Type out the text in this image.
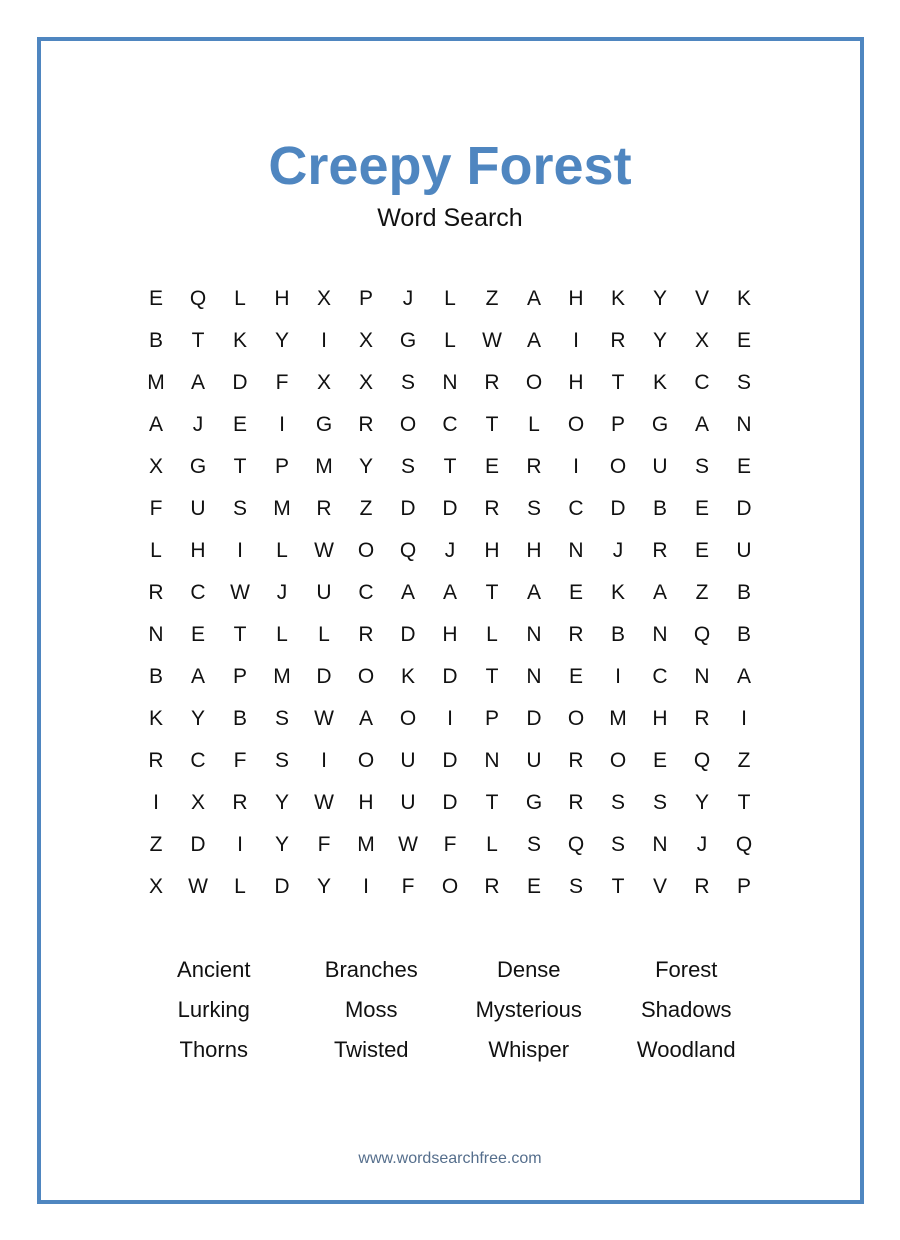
Creepy Forest
Word Search
E	Q	L	H	X	P	J	L	Z	A	H	K	Y	V	K
B	T	K	Y	I	X	G	L	W	A	I	R	Y	X	E
M	A	D	F	X	X	S	N	R	O	H	T	K	C	S
A	J	E	I	G	R	O	C	T	L	O	P	G	A	N
X	G	T	P	M	Y	S	T	E	R	I	O	U	S	E
F	U	S	M	R	Z	D	D	R	S	C	D	B	E	D
L	H	I	L	W	O	Q	J	H	H	N	J	R	E	U
R	C	W	J	U	C	A	A	T	A	E	K	A	Z	B
N	E	T	L	L	R	D	H	L	N	R	B	N	Q	B
B	A	P	M	D	O	K	D	T	N	E	I	C	N	A
K	Y	B	S	W	A	O	I	P	D	O	M	H	R	I
R	C	F	S	I	O	U	D	N	U	R	O	E	Q	Z
I	X	R	Y	W	H	U	D	T	G	R	S	S	Y	T
Z	D	I	Y	F	M	W	F	L	S	Q	S	N	J	Q
X	W	L	D	Y	I	F	O	R	E	S	T	V	R	P
Ancient	Branches	Dense	Forest
Lurking	Moss	Mysterious	Shadows
Thorns	Twisted	Whisper	Woodland
www.wordsearchfree.com
